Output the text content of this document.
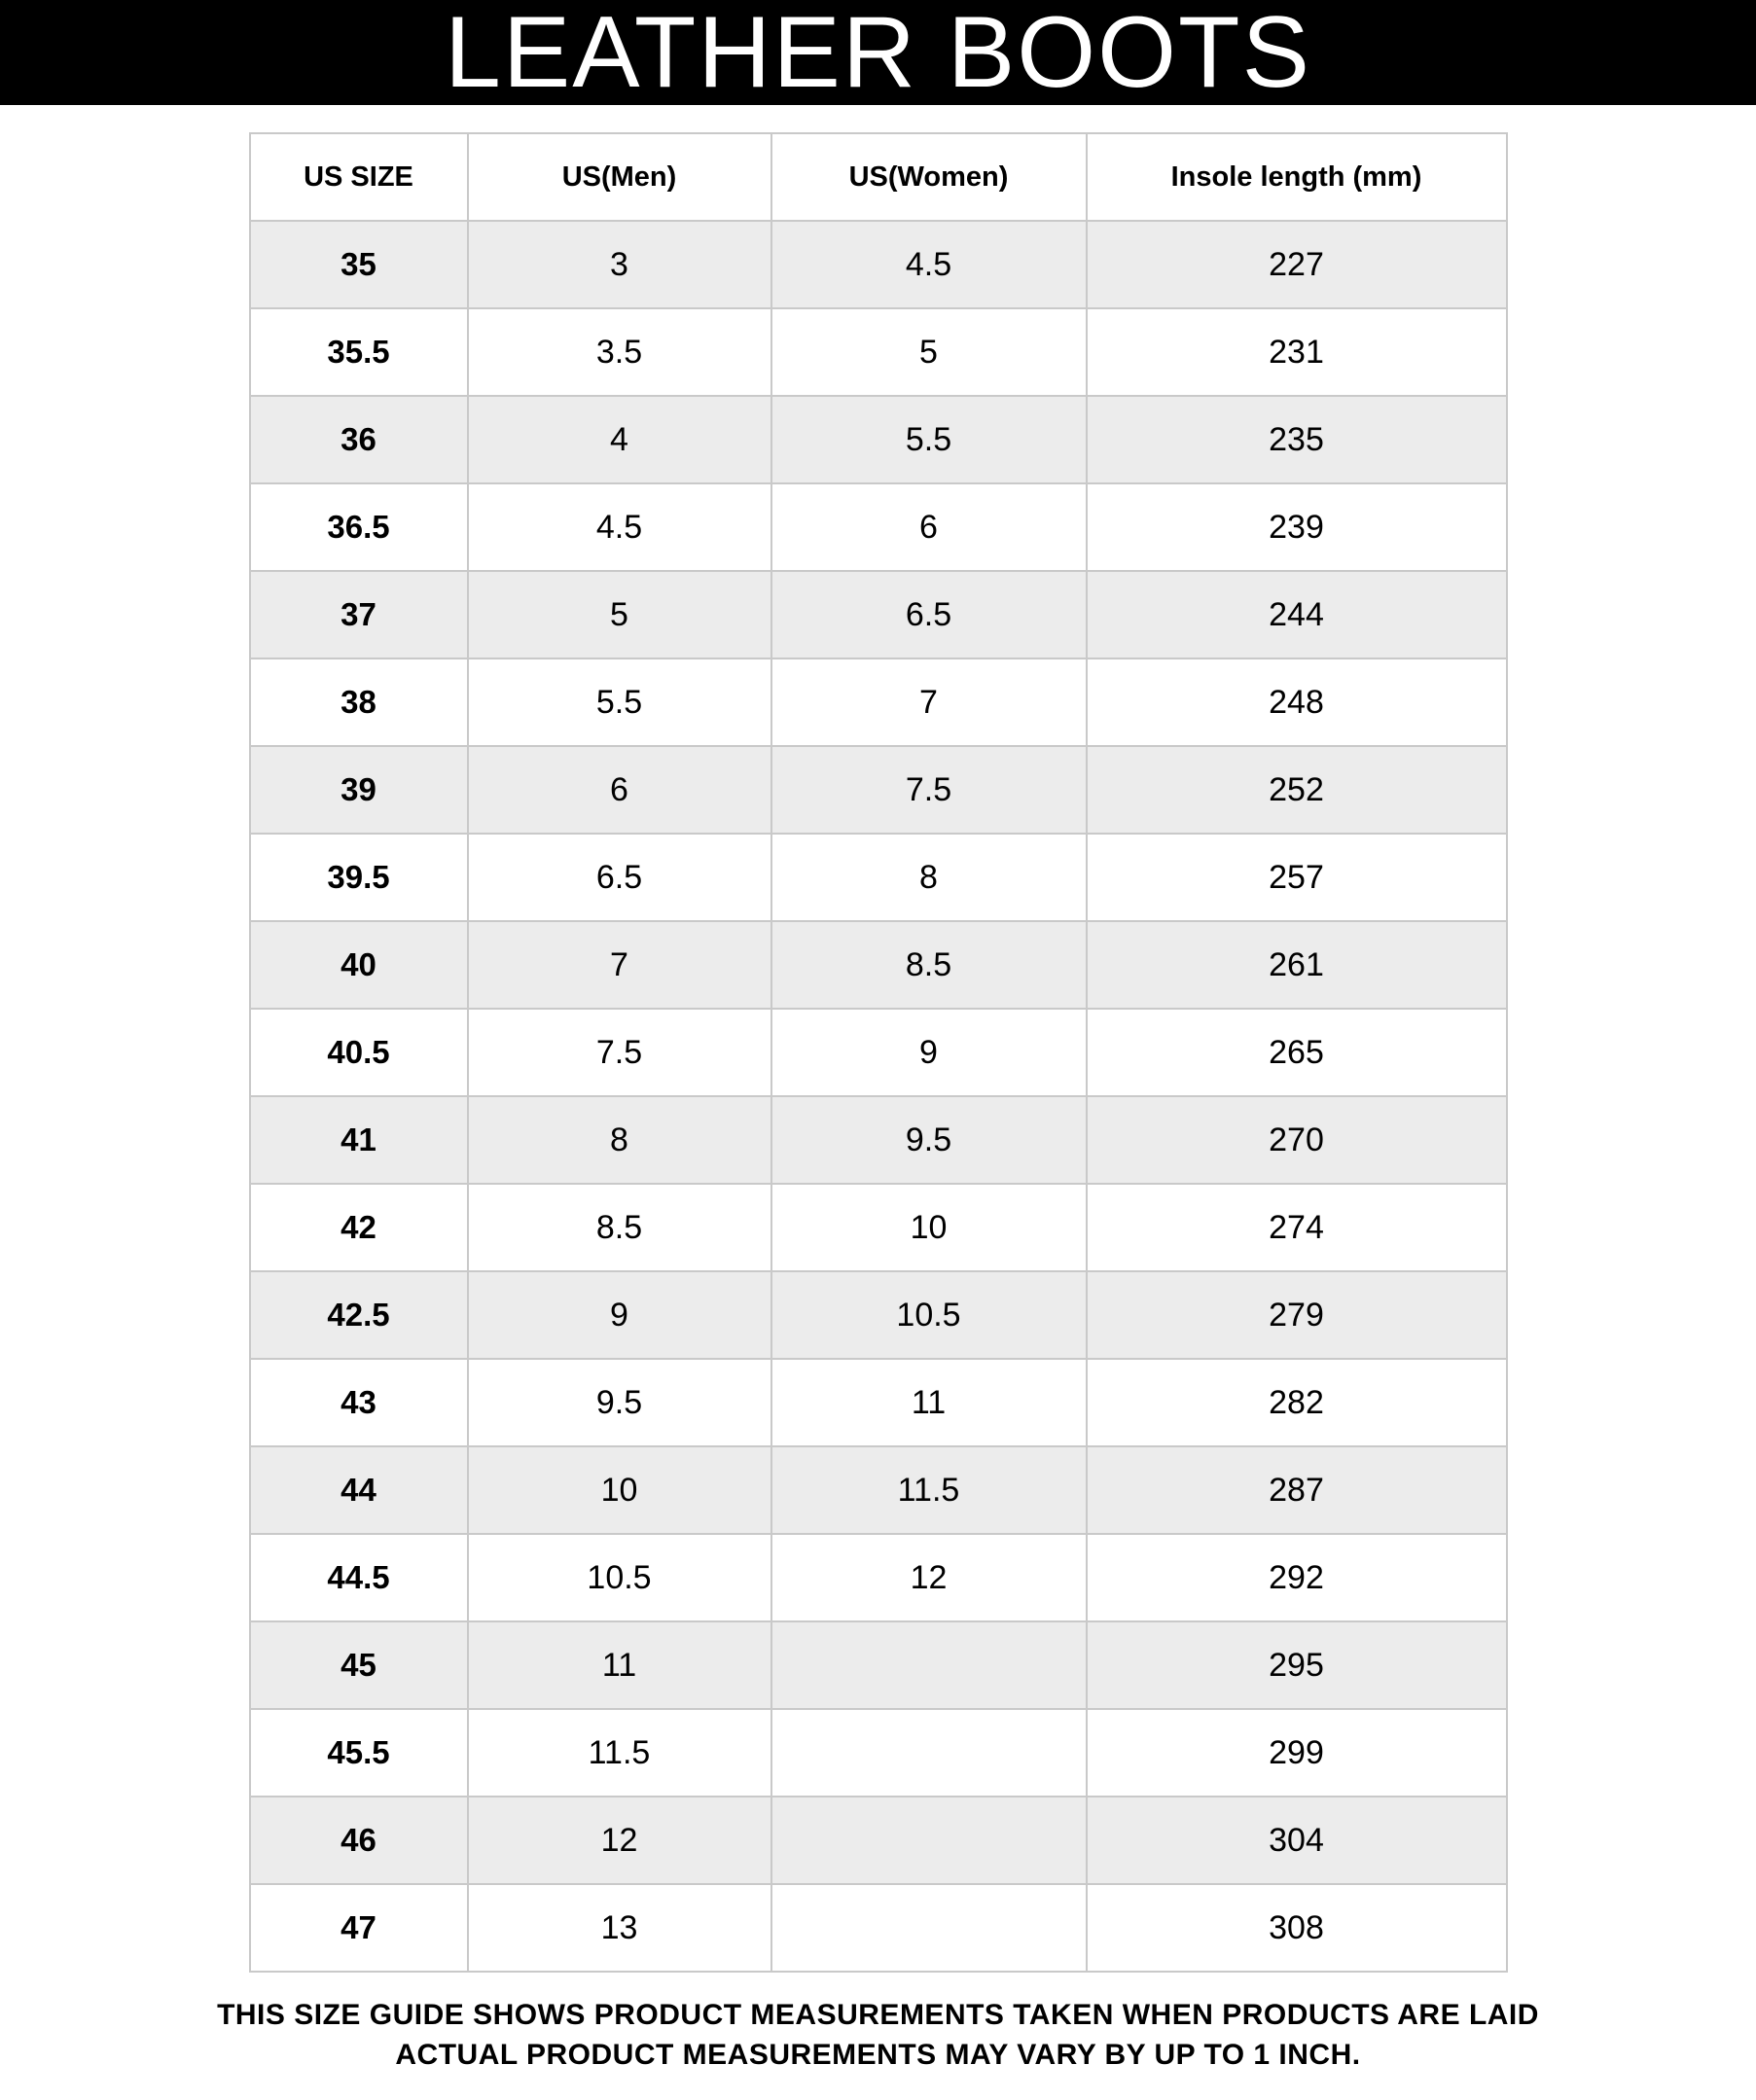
LEATHER BOOTS
US SIZE	US(Men)	US(Women)	Insole length (mm)
35	3	4.5	227
35.5	3.5	5	231
36	4	5.5	235
36.5	4.5	6	239
37	5	6.5	244
38	5.5	7	248
39	6	7.5	252
39.5	6.5	8	257
40	7	8.5	261
40.5	7.5	9	265
41	8	9.5	270
42	8.5	10	274
42.5	9	10.5	279
43	9.5	11	282
44	10	11.5	287
44.5	10.5	12	292
45	11		295
45.5	11.5		299
46	12		304
47	13		308
THIS SIZE GUIDE SHOWS PRODUCT MEASUREMENTS TAKEN WHEN PRODUCTS ARE LAID
ACTUAL PRODUCT MEASUREMENTS MAY VARY BY UP TO 1 INCH.
